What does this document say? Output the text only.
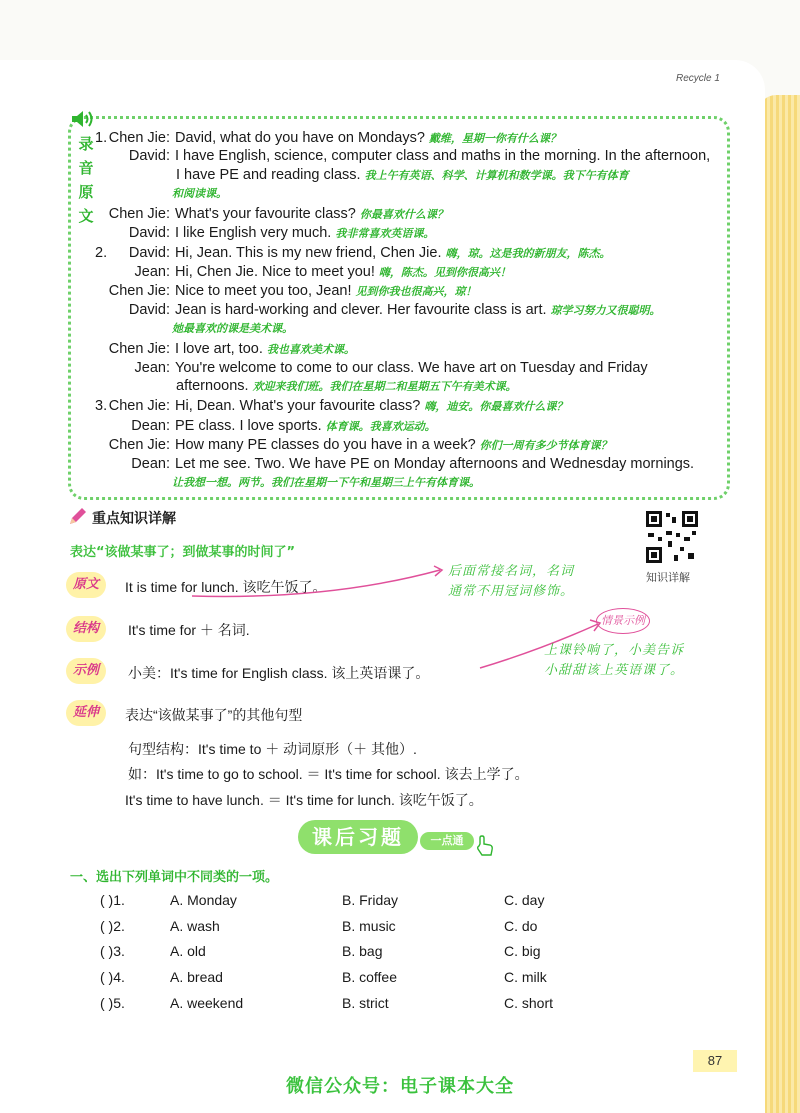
Recycle 1
录
音
原
文
1. Chen Jie: David, what do you have on Mondays? 戴维，星期一你有什么课？
David: I have English, science, computer class and maths in the morning. In the afternoon,
I have PE and reading class. 我上午有英语、科学、计算机和数学课。我下午有体育
和阅读课。
Chen Jie: What's your favourite class? 你最喜欢什么课？
David: I like English very much. 我非常喜欢英语课。
2.	David: Hi, Jean. This is my new friend, Chen Jie. 嗨，琼。这是我的新朋友，陈杰。
Jean: Hi, Chen Jie. Nice to meet you! 嗨，陈杰。见到你很高兴！
Chen Jie: Nice to meet you too, Jean! 见到你我也很高兴，琼！
David: Jean is hard-working and clever. Her favourite class is art. 琼学习努力又很聪明。
她最喜欢的课是美术课。
Chen Jie: I love art, too. 我也喜欢美术课。
Jean: You're welcome to come to our class. We have art on Tuesday and Friday
afternoons. 欢迎来我们班。我们在星期二和星期五下午有美术课。
3. Chen Jie: Hi, Dean. What's your favourite class? 嗨，迪安。你最喜欢什么课？
Dean: PE class. I love sports. 体育课。我喜欢运动。
Chen Jie: How many PE classes do you have in a week? 你们一周有多少节体育课？
Dean: Let me see. Two. We have PE on Monday afternoons and Wednesday mornings.
让我想一想。两节。我们在星期一下午和星期三上午有体育课。
重点知识详解
表达“该做某事了；到做某事的时间了”
知识详解
原文	It is time for lunch. 该吃午饭了。
结构	It's time for ＋ 名词.
示例	小美：It's time for English class. 该上英语课了。
延伸	表达“该做某事了”的其他句型
句型结构：It's time to ＋ 动词原形（＋ 其他）.
如：It's time to go to school. ＝ It's time for school. 该去上学了。
It's time to have lunch. ＝ It's time for lunch. 该吃午饭了。
后面常接名词，名词
通常不用冠词修饰。
情景示例
上课铃响了，小美告诉
小甜甜该上英语课了。
课后习题	一点通
一、选出下列单词中不同类的一项。
( )1.	A. Monday	B. Friday	C. day
( )2.	A. wash	B. music	C. do
( )3.	A. old	B. bag	C. big
( )4.	A. bread	B. coffee	C. milk
( )5.	A. weekend	B. strict	C. short
87
微信公众号：电子课本大全
